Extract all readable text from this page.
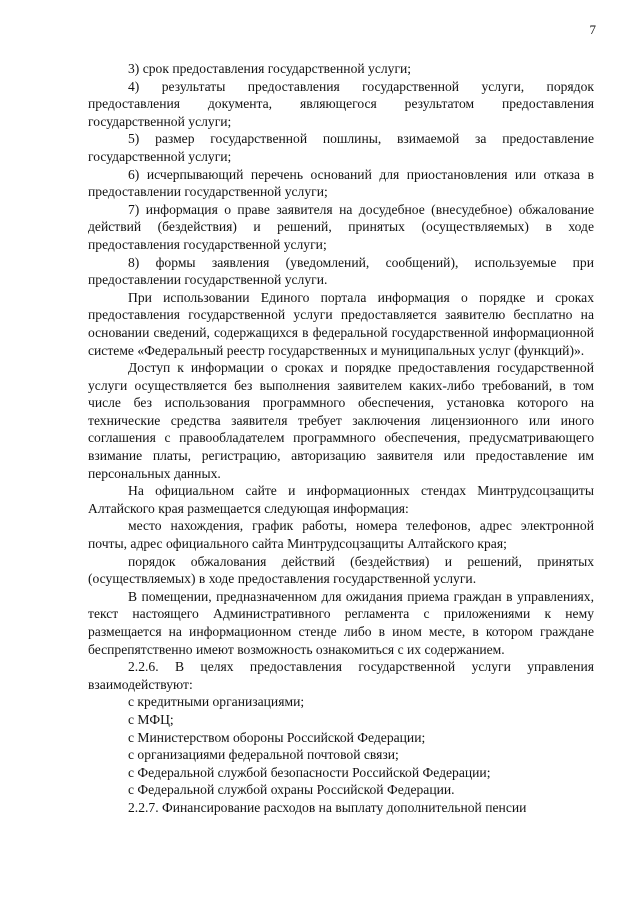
7

3) срок предоставления государственной услуги;

4) результаты предоставления государственной услуги, порядок предоставления документа, являющегося результатом предоставления государственной услуги;

5) размер государственной пошлины, взимаемой за предоставление государственной услуги;

6) исчерпывающий перечень оснований для приостановления или отказа в предоставлении государственной услуги;

7) информация о праве заявителя на досудебное (внесудебное) обжалование действий (бездействия) и решений, принятых (осуществляемых) в ходе предоставления государственной услуги;

8) формы заявления (уведомлений, сообщений), используемые при предоставлении государственной услуги.

При использовании Единого портала информация о порядке и сроках предоставления государственной услуги предоставляется заявителю бесплатно на основании сведений, содержащихся в федеральной государственной информационной системе «Федеральный реестр государственных и муниципальных услуг (функций)».

Доступ к информации о сроках и порядке предоставления государственной услуги осуществляется без выполнения заявителем каких-либо требований, в том числе без использования программного обеспечения, установка которого на технические средства заявителя требует заключения лицензионного или иного соглашения с правообладателем программного обеспечения, предусматривающего взимание платы, регистрацию, авторизацию заявителя или предоставление им персональных данных.

На официальном сайте и информационных стендах Минтрудсоцзащиты Алтайского края размещается следующая информация:

место нахождения, график работы, номера телефонов, адрес электронной почты, адрес официального сайта Минтрудсоцзащиты Алтайского края;

порядок обжалования действий (бездействия) и решений, принятых (осуществляемых) в ходе предоставления государственной услуги.

В помещении, предназначенном для ожидания приема граждан в управлениях, текст настоящего Административного регламента с приложениями к нему размещается на информационном стенде либо в ином месте, в котором граждане беспрепятственно имеют возможность ознакомиться с их содержанием.

2.2.6. В целях предоставления государственной услуги управления взаимодействуют:

с кредитными организациями;

с МФЦ;

с Министерством обороны Российской Федерации;

с организациями федеральной почтовой связи;

с Федеральной службой безопасности Российской Федерации;

с Федеральной службой охраны Российской Федерации.

2.2.7. Финансирование расходов на выплату дополнительной пенсии
